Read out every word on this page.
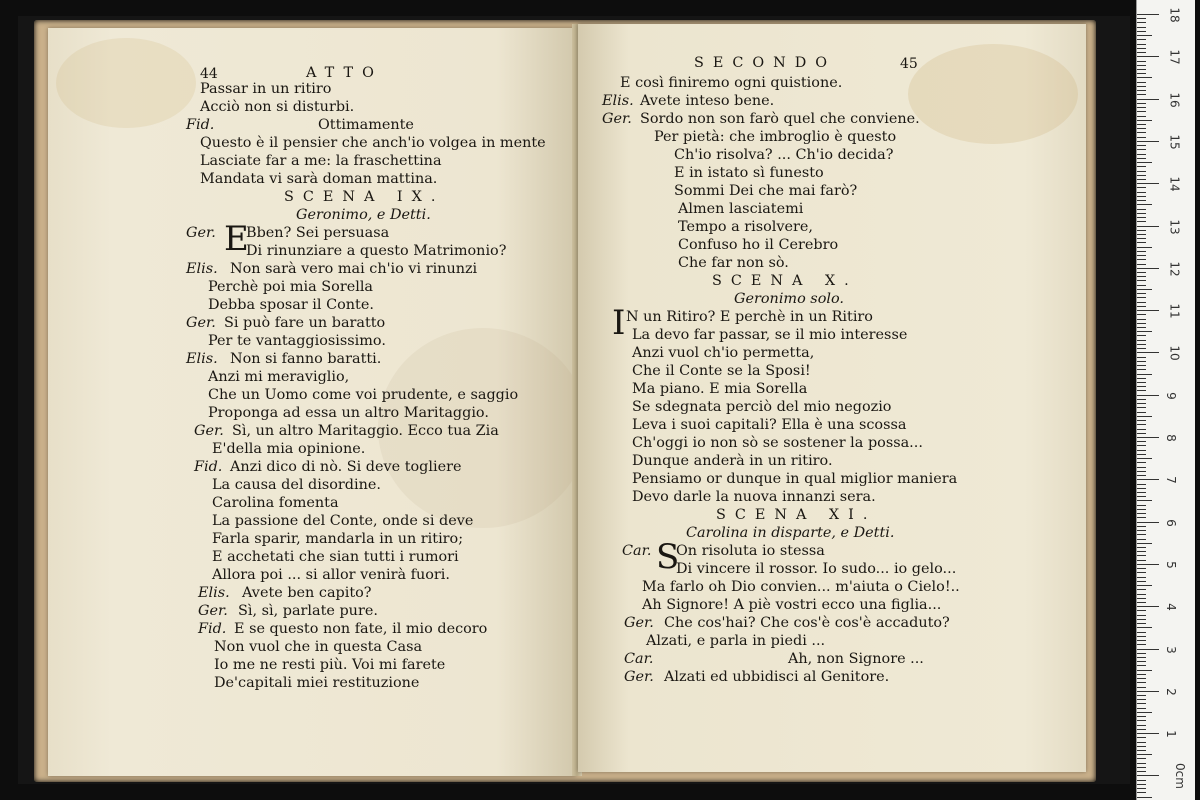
44	ATTO
Passar in un ritiro
Acciò non si disturbi.
Fid.	Ottimamente
Questo è il pensier che anch'io volgea in mente
Lasciate far a me: la fraschettina
Mandata vi sarà doman mattina.
SCENA IX.
Geronimo, e Detti.
Ger. E
Bben? Sei persuasa
Di rinunziare a questo Matrimonio?
Elis. Non sarà vero mai ch'io vi rinunzi
Perchè poi mia Sorella
Debba sposar il Conte.
Ger. Si può fare un baratto
Per te vantaggiosissimo.
Elis. Non si fanno baratti.
Anzi mi meraviglio,
Che un Uomo come voi prudente, e saggio
Proponga ad essa un altro Maritaggio.
Ger. Sì, un altro Maritaggio. Ecco tua Zia
E'della mia opinione.
Fid. Anzi dico di nò. Si deve togliere
La causa del disordine.
Carolina fomenta
La passione del Conte, onde si deve
Farla sparir, mandarla in un ritiro;
E acchetati che sian tutti i rumori
Allora poi ... si allor venirà fuori.
Elis. Avete ben capito?
Ger. Sì, sì, parlate pure.
Fid. E se questo non fate, il mio decoro
Non vuol che in questa Casa
Io me ne resti più. Voi mi farete
De'capitali miei restituzione
SECONDO	45
E così finiremo ogni quistione.
Elis. Avete inteso bene.
Ger. Sordo non son farò quel che conviene.
Per pietà: che imbroglio è questo
Ch'io risolva? ... Ch'io decida?
E in istato sì funesto
Sommi Dei che mai farò?
Almen lasciatemi
Tempo a risolvere,
Confuso ho il Cerebro
Che far non sò.
SCENA X.
Geronimo solo.
I N un Ritiro? E perchè in un Ritiro
La devo far passar, se il mio interesse
Anzi vuol ch'io permetta,
Che il Conte se la Sposi!
Ma piano. E mia Sorella
Se sdegnata perciò del mio negozio
Leva i suoi capitali? Ella è una scossa
Ch'oggi io non sò se sostener la possa...
Dunque anderà in un ritiro.
Pensiamo or dunque in qual miglior maniera
Devo darle la nuova innanzi sera.
SCENA XI.
Carolina in disparte, e Detti.
Car. S
On risoluta io stessa
Di vincere il rossor. Io sudo... io gelo...
Ma farlo oh Dio convien... m'aiuta o Cielo!..
Ah Signore! A piè vostri ecco una figlia...
Ger. Che cos'hai? Che cos'è cos'è accaduto?
Alzati, e parla in piedi ...
Car.	Ah, non Signore ...
Ger. Alzati ed ubbidisci al Genitore.
18
17
16
15
14
13
12
11
10
9
8
7
6
5
4
3
2
1
0cm
